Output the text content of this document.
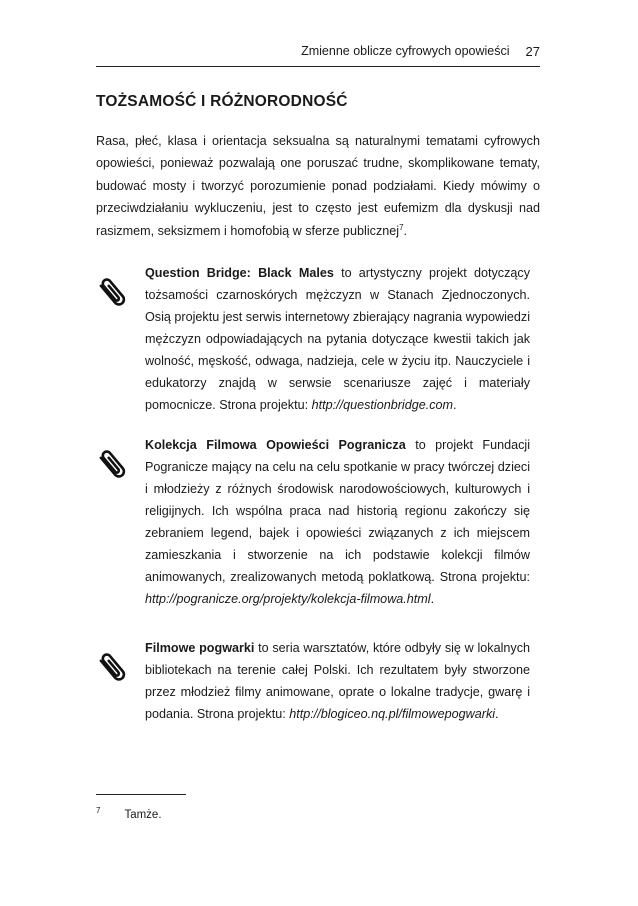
Zmienne oblicze cyfrowych opowieści 27
TOŻSAMOŚĆ I RÓŻNORODNOŚĆ

Rasa, płeć, klasa i orientacja seksualna są naturalnymi tematami cyfrowych opowieści, ponieważ pozwalają one poruszać trudne, skomplikowane tematy, budować mosty i tworzyć porozumienie ponad podziałami. Kiedy mówimy o przeciwdziałaniu wykluczeniu, jest to często jest eufemizm dla dyskusji nad rasizmem, seksizmem i homofobią w sferze publicznej$^7$.

Question Bridge: Black Males to artystyczny projekt dotyczący tożsamości czarnoskórych mężczyzn w Stanach Zjednoczonych. Osią projektu jest serwis internetowy zbierający nagrania wypowiedzi mężczyzn odpowiadających na pytania dotyczące kwestii takich jak wolność, męskość, odwaga, nadzieja, cele w życiu itp. Nauczyciele i edukatorzy znajdą w serwsie scenariusze zajęć i materiały pomocnicze. Strona projektu: http://questionbridge.com.
Kolekcja Filmowa Opowieści Pogranicza to projekt Fundacji Pogranicze mający na celu na celu spotkanie w pracy twórczej dzieci i młodzieży z różnych środowisk narodowościowych, kulturowych i religijnych. Ich wspólna praca nad historią regionu zakończy się zebraniem legend, bajek i opowieści związanych z ich miejscem zamieszkania i stworzenie na ich podstawie kolekcji filmów animowanych, zrealizowanych metodą poklatkową. Strona projektu: http://pogranicze.org/projekty/kolekcja-filmowa.html.
Filmowe pogwarki to seria warsztatów, które odbyły się w lokalnych bibliotekach na terenie całej Polski. Ich rezultatem były stworzone przez młodzież filmy animowane, oprate o lokalne tradycje, gwarę i podania. Strona projektu: http://blogiceo.nq.pl/filmowepogwarki.
$^7$ Tamże.
